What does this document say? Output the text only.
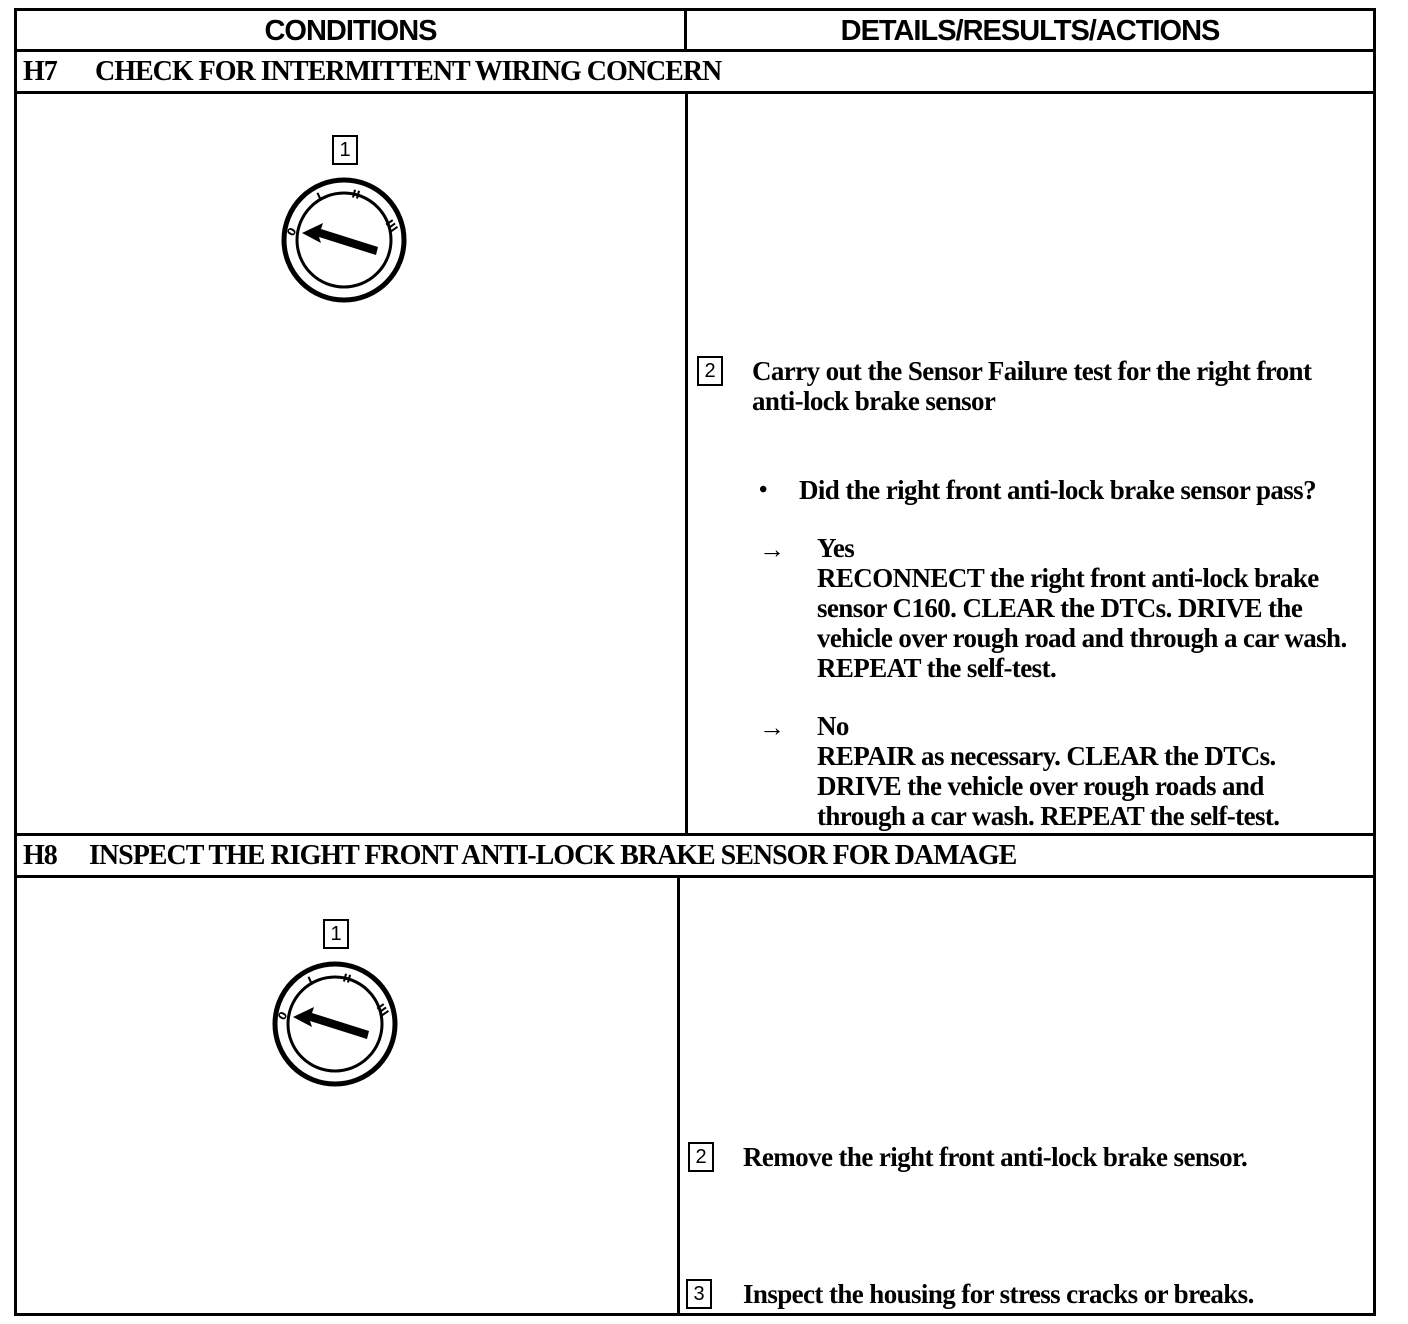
CONDITIONS	DETAILS/RESULTS/ACTIONS
H7 CHECK FOR INTERMITTENT WIRING CONCERN
1
0
I II
III
2 Carry out the Sensor Failure test for the right front anti-lock brake sensor
• Did the right front anti-lock brake sensor pass?
→ Yes
RECONNECT the right front anti-lock brake sensor C160. CLEAR the DTCs. DRIVE the vehicle over rough road and through a car wash. REPEAT the self-test.
→ No
REPAIR as necessary. CLEAR the DTCs. DRIVE the vehicle over rough roads and through a car wash. REPEAT the self-test.
H8 INSPECT THE RIGHT FRONT ANTI-LOCK BRAKE SENSOR FOR DAMAGE
1
0
I II
III
2 Remove the right front anti-lock brake sensor.
3 Inspect the housing for stress cracks or breaks.
